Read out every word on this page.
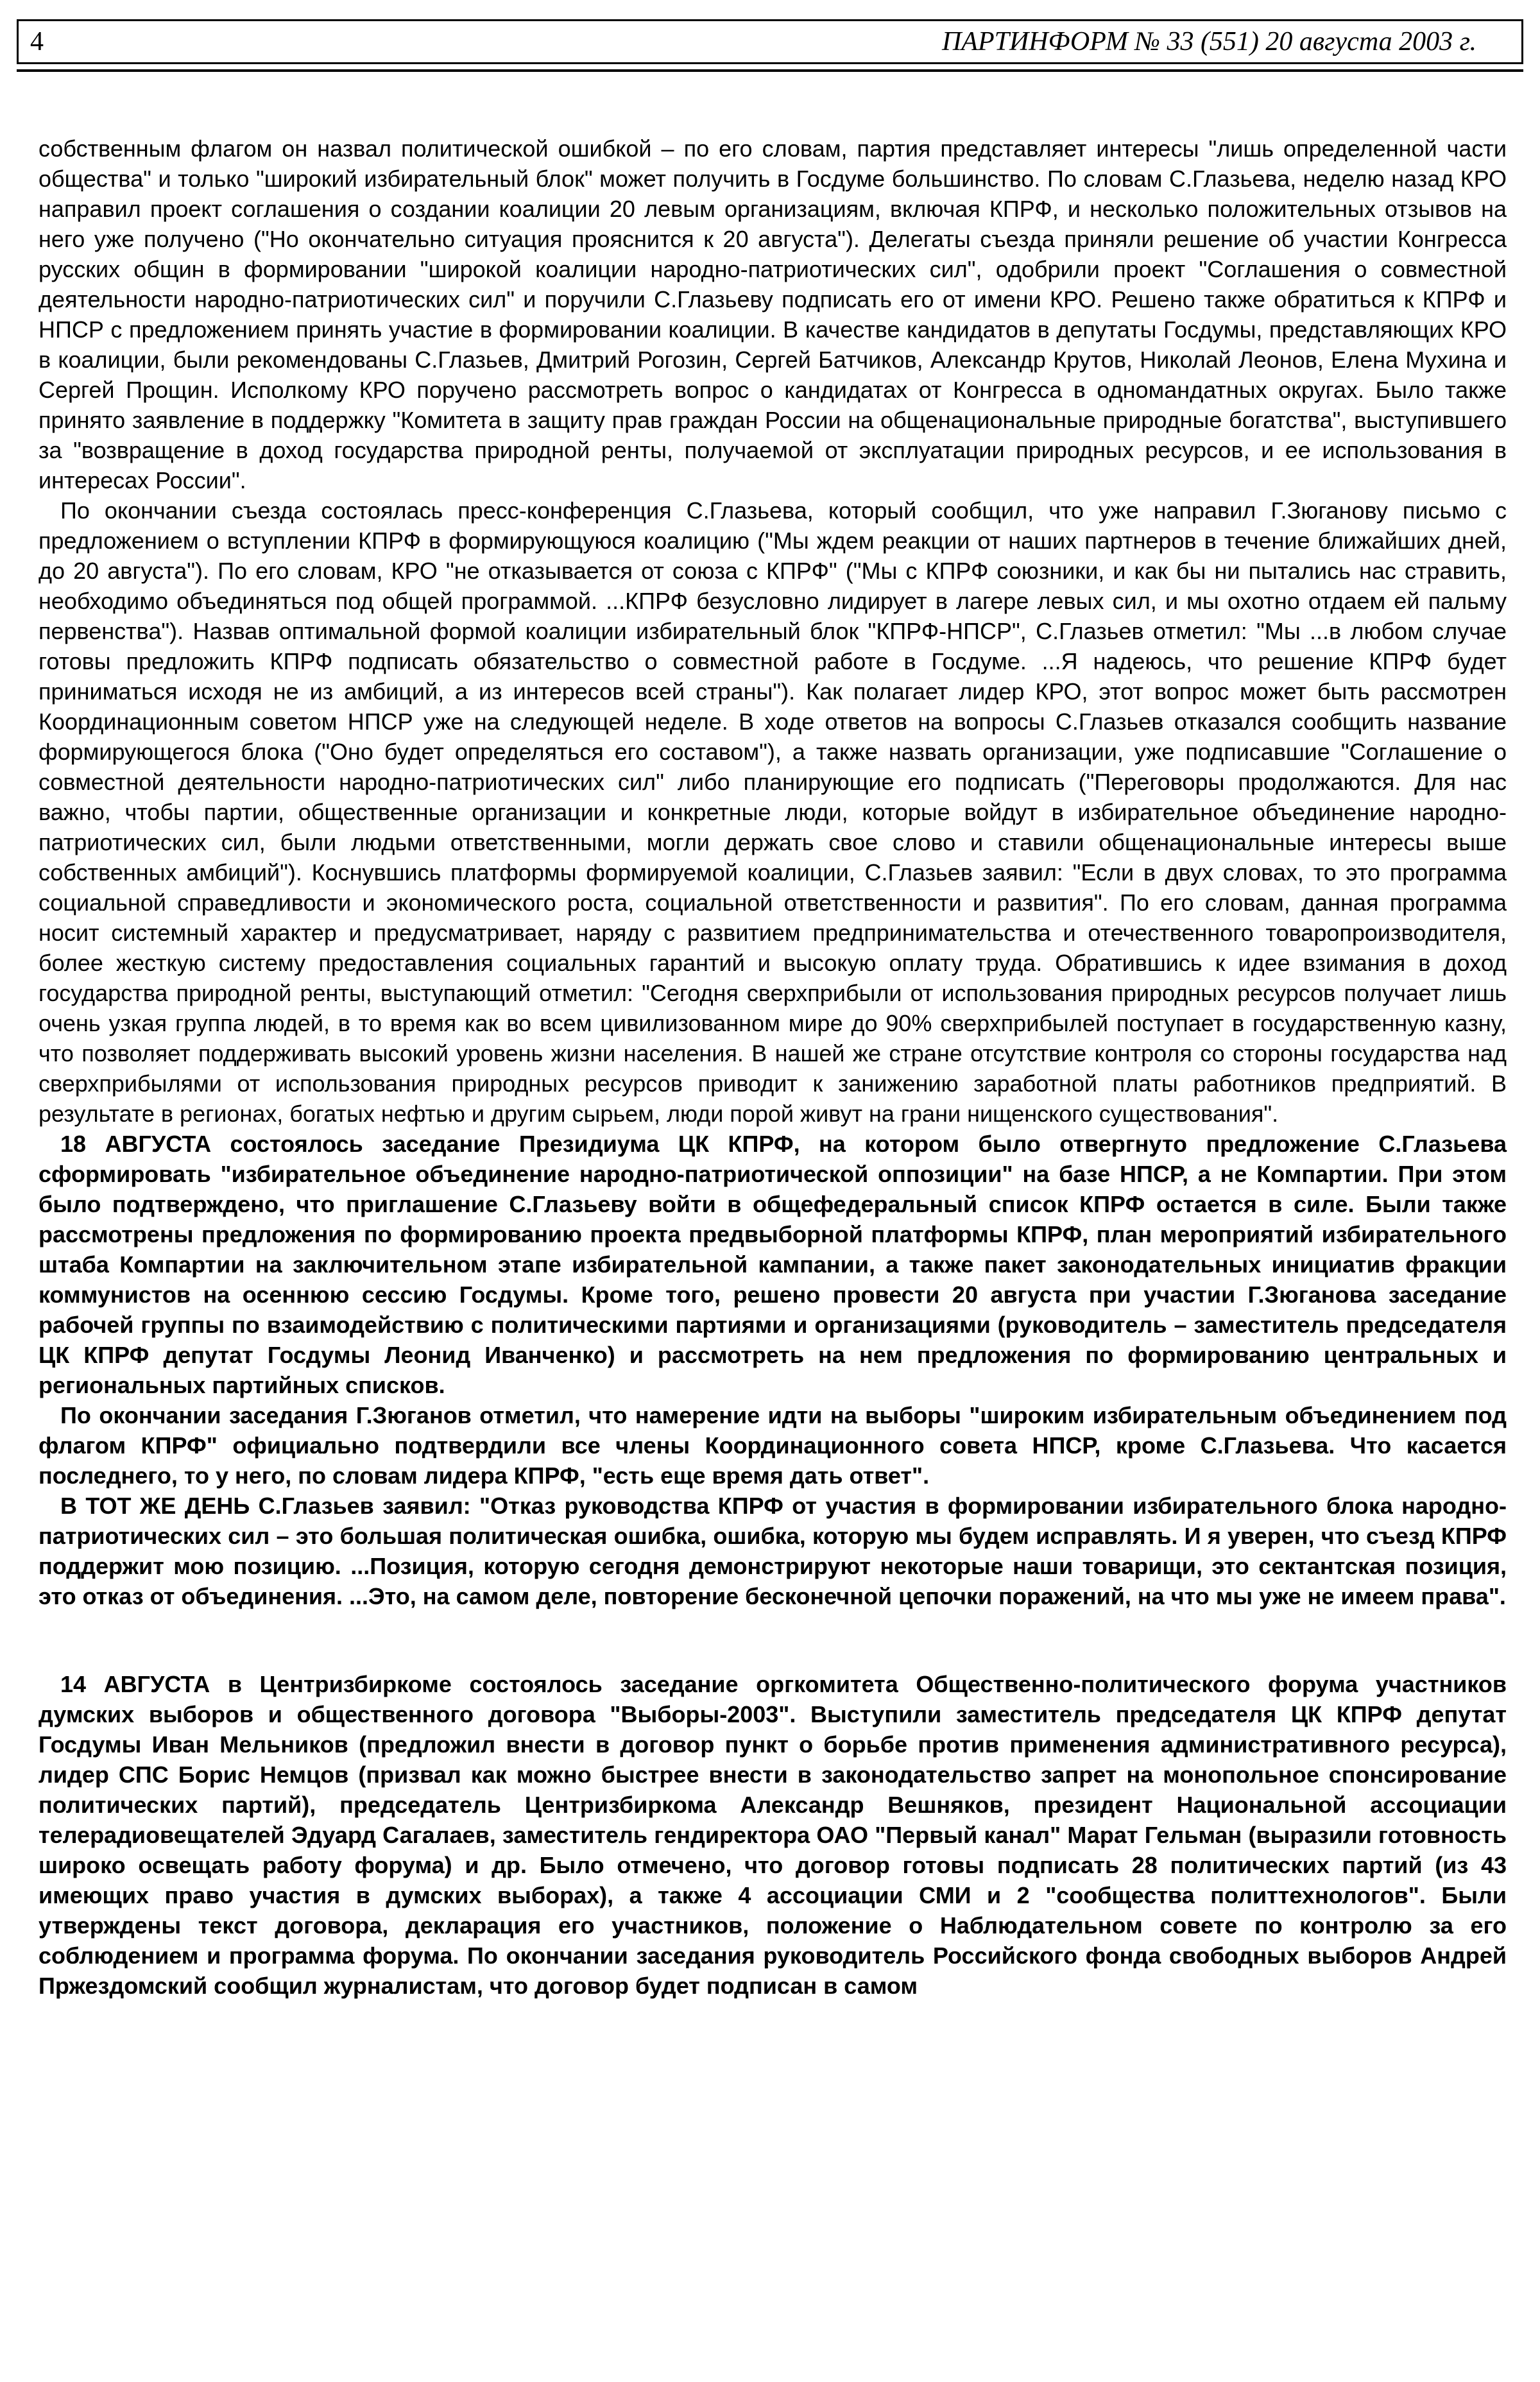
4	ПАРТИНФОРМ № 33 (551) 20 августа 2003 г.

собственным флагом он назвал политической ошибкой – по его словам, партия представляет интересы "лишь определенной части общества" и только "широкий избирательный блок" может получить в Госдуме большинство. По словам С.Глазьева, неделю назад КРО направил проект соглашения о создании коалиции 20 левым организациям, включая КПРФ, и несколько положительных отзывов на него уже получено ("Но окончательно ситуация прояснится к 20 августа"). Делегаты съезда приняли решение об участии Конгресса русских общин в формировании "широкой коалиции народно-патриотических сил", одобрили проект "Соглашения о совместной деятельности народно-патриотических сил" и поручили С.Глазьеву подписать его от имени КРО. Решено также обратиться к КПРФ и НПСР с предложением принять участие в формировании коалиции. В качестве кандидатов в депутаты Госдумы, представляющих КРО в коалиции, были рекомендованы С.Глазьев, Дмитрий Рогозин, Сергей Батчиков, Александр Крутов, Николай Леонов, Елена Мухина и Сергей Прощин. Исполкому КРО поручено рассмотреть вопрос о кандидатах от Конгресса в одномандатных округах. Было также принято заявление в поддержку "Комитета в защиту прав граждан России на общенациональные природные богатства", выступившего за "возвращение в доход государства природной ренты, получаемой от эксплуатации природных ресурсов, и ее использования в интересах России".

По окончании съезда состоялась пресс-конференция С.Глазьева, который сообщил, что уже направил Г.Зюганову письмо с предложением о вступлении КПРФ в формирующуюся коалицию ("Мы ждем реакции от наших партнеров в течение ближайших дней, до 20 августа"). По его словам, КРО "не отказывается от союза с КПРФ" ("Мы с КПРФ союзники, и как бы ни пытались нас стравить, необходимо объединяться под общей программой. ...КПРФ безусловно лидирует в лагере левых сил, и мы охотно отдаем ей пальму первенства"). Назвав оптимальной формой коалиции избирательный блок "КПРФ-НПСР", С.Глазьев отметил: "Мы ...в любом случае готовы предложить КПРФ подписать обязательство о совместной работе в Госдуме. ...Я надеюсь, что решение КПРФ будет приниматься исходя не из амбиций, а из интересов всей страны"). Как полагает лидер КРО, этот вопрос может быть рассмотрен Координационным советом НПСР уже на следующей неделе. В ходе ответов на вопросы С.Глазьев отказался сообщить название формирующегося блока ("Оно будет определяться его составом"), а также назвать организации, уже подписавшие "Соглашение о совместной деятельности народно-патриотических сил" либо планирующие его подписать ("Переговоры продолжаются. Для нас важно, чтобы партии, общественные организации и конкретные люди, которые войдут в избирательное объединение народно-патриотических сил, были людьми ответственными, могли держать свое слово и ставили общенациональные интересы выше собственных амбиций"). Коснувшись платформы формируемой коалиции, С.Глазьев заявил: "Если в двух словах, то это программа социальной справедливости и экономического роста, социальной ответственности и развития". По его словам, данная программа носит системный характер и предусматривает, наряду с развитием предпринимательства и отечественного товаропроизводителя, более жесткую систему предоставления социальных гарантий и высокую оплату труда. Обратившись к идее взимания в доход государства природной ренты, выступающий отметил: "Сегодня сверхприбыли от использования природных ресурсов получает лишь очень узкая группа людей, в то время как во всем цивилизованном мире до 90% сверхприбылей поступает в государственную казну, что позволяет поддерживать высокий уровень жизни населения. В нашей же стране отсутствие контроля со стороны государства над сверхприбылями от использования природных ресурсов приводит к занижению заработной платы работников предприятий. В результате в регионах, богатых нефтью и другим сырьем, люди порой живут на грани нищенского существования".

18 АВГУСТА состоялось заседание Президиума ЦК КПРФ, на котором было отвергнуто предложение С.Глазьева сформировать "избирательное объединение народно-патриотической оппозиции" на базе НПСР, а не Компартии. При этом было подтверждено, что приглашение С.Глазьеву войти в общефедеральный список КПРФ остается в силе. Были также рассмотрены предложения по формированию проекта предвыборной платформы КПРФ, план мероприятий избирательного штаба Компартии на заключительном этапе избирательной кампании, а также пакет законодательных инициатив фракции коммунистов на осеннюю сессию Госдумы. Кроме того, решено провести 20 августа при участии Г.Зюганова заседание рабочей группы по взаимодействию с политическими партиями и организациями (руководитель – заместитель председателя ЦК КПРФ депутат Госдумы Леонид Иванченко) и рассмотреть на нем предложения по формированию центральных и региональных партийных списков.

По окончании заседания Г.Зюганов отметил, что намерение идти на выборы "широким избирательным объединением под флагом КПРФ" официально подтвердили все члены Координационного совета НПСР, кроме С.Глазьева. Что касается последнего, то у него, по словам лидера КПРФ, "есть еще время дать ответ".

В ТОТ ЖЕ ДЕНЬ С.Глазьев заявил: "Отказ руководства КПРФ от участия в формировании избирательного блока народно-патриотических сил – это большая политическая ошибка, ошибка, которую мы будем исправлять. И я уверен, что съезд КПРФ поддержит мою позицию. ...Позиция, которую сегодня демонстрируют некоторые наши товарищи, это сектантская позиция, это отказ от объединения. ...Это, на самом деле, повторение бесконечной цепочки поражений, на что мы уже не имеем права".

14 АВГУСТА в Центризбиркоме состоялось заседание оргкомитета Общественно-политического форума участников думских выборов и общественного договора "Выборы-2003". Выступили заместитель председателя ЦК КПРФ депутат Госдумы Иван Мельников (предложил внести в договор пункт о борьбе против применения административного ресурса), лидер СПС Борис Немцов (призвал как можно быстрее внести в законодательство запрет на монопольное спонсирование политических партий), председатель Центризбиркома Александр Вешняков, президент Национальной ассоциации телерадиовещателей Эдуард Сагалаев, заместитель гендиректора ОАО "Первый канал" Марат Гельман (выразили готовность широко освещать работу форума) и др. Было отмечено, что договор готовы подписать 28 политических партий (из 43 имеющих право участия в думских выборах), а также 4 ассоциации СМИ и 2 "сообщества политтехнологов". Были утверждены текст договора, декларация его участников, положение о Наблюдательном совете по контролю за его соблюдением и программа форума. По окончании заседания руководитель Российского фонда свободных выборов Андрей Пржездомский сообщил журналистам, что договор будет подписан в самом
